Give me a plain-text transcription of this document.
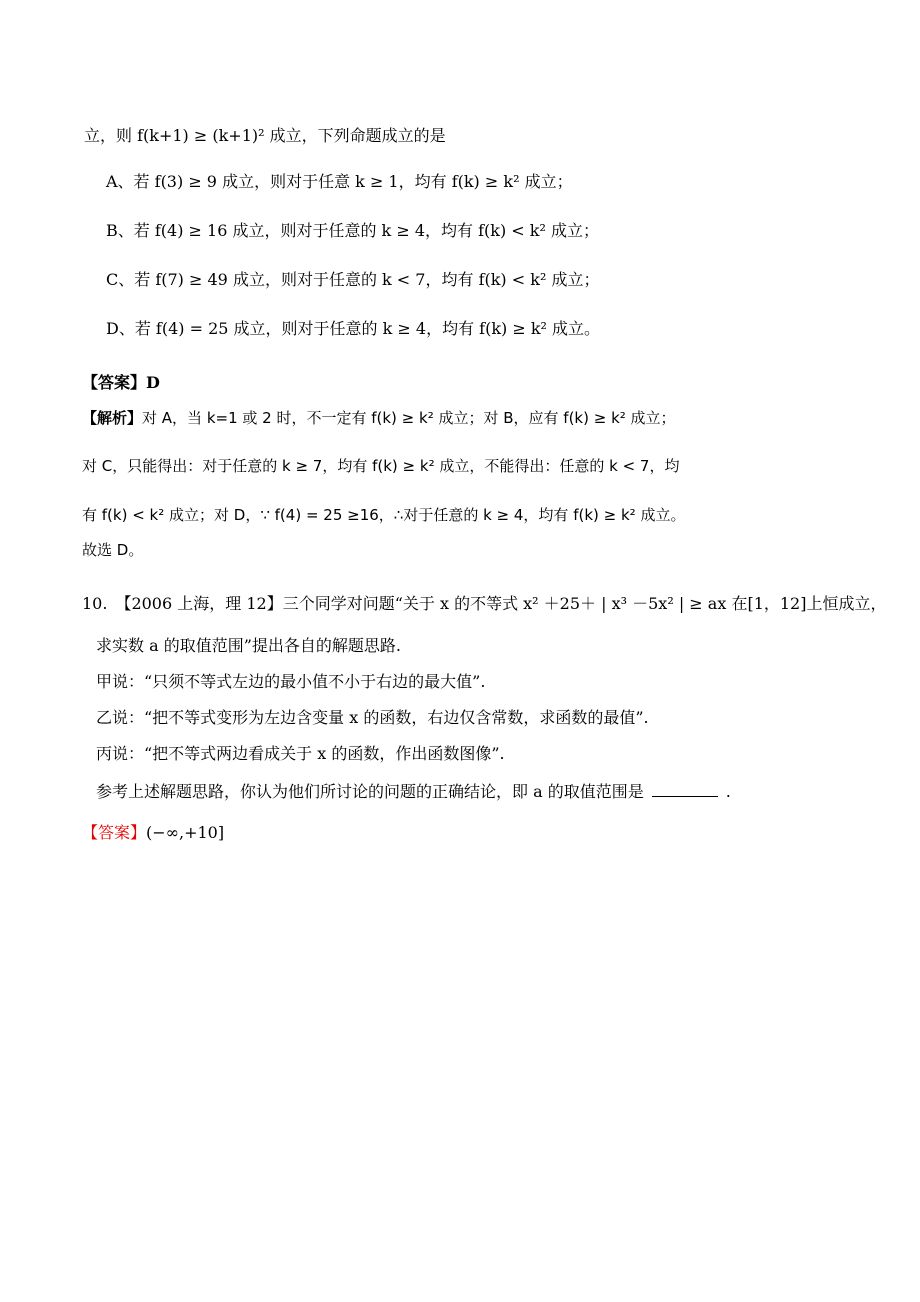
立，则 f(k+1) ≥ (k+1)² 成立，下列命题成立的是
A、若 f(3) ≥ 9 成立，则对于任意 k ≥ 1，均有 f(k) ≥ k² 成立；
B、若 f(4) ≥ 16 成立，则对于任意的 k ≥ 4，均有 f(k) < k² 成立；
C、若 f(7) ≥ 49 成立，则对于任意的 k < 7，均有 f(k) < k² 成立；
D、若 f(4) = 25 成立，则对于任意的 k ≥ 4，均有 f(k) ≥ k² 成立。
【答案】D
【解析】对 A，当 k=1 或 2 时，不一定有 f(k) ≥ k² 成立；对 B，应有 f(k) ≥ k² 成立；
对 C，只能得出：对于任意的 k ≥ 7，均有 f(k) ≥ k² 成立，不能得出：任意的 k < 7，均
有 f(k) < k² 成立；对 D，∵ f(4) = 25 ≥16，∴对于任意的 k ≥ 4，均有 f(k) ≥ k² 成立。
故选 D。
10.　【2006 上海，理 12】三个同学对问题“关于 x 的不等式 x² ＋25＋ | x³ －5x² | ≥ ax 在[1，12]上恒成立，
求实数 a 的取值范围”提出各自的解题思路.
甲说：“只须不等式左边的最小值不小于右边的最大值”.
乙说：“把不等式变形为左边含变量 x 的函数，右边仅含常数，求函数的最值”.
丙说：“把不等式两边看成关于 x 的函数，作出函数图像”.
参考上述解题思路，你认为他们所讨论的问题的正确结论，即 a 的取值范围是	.
【答案】(−∞,+10]
